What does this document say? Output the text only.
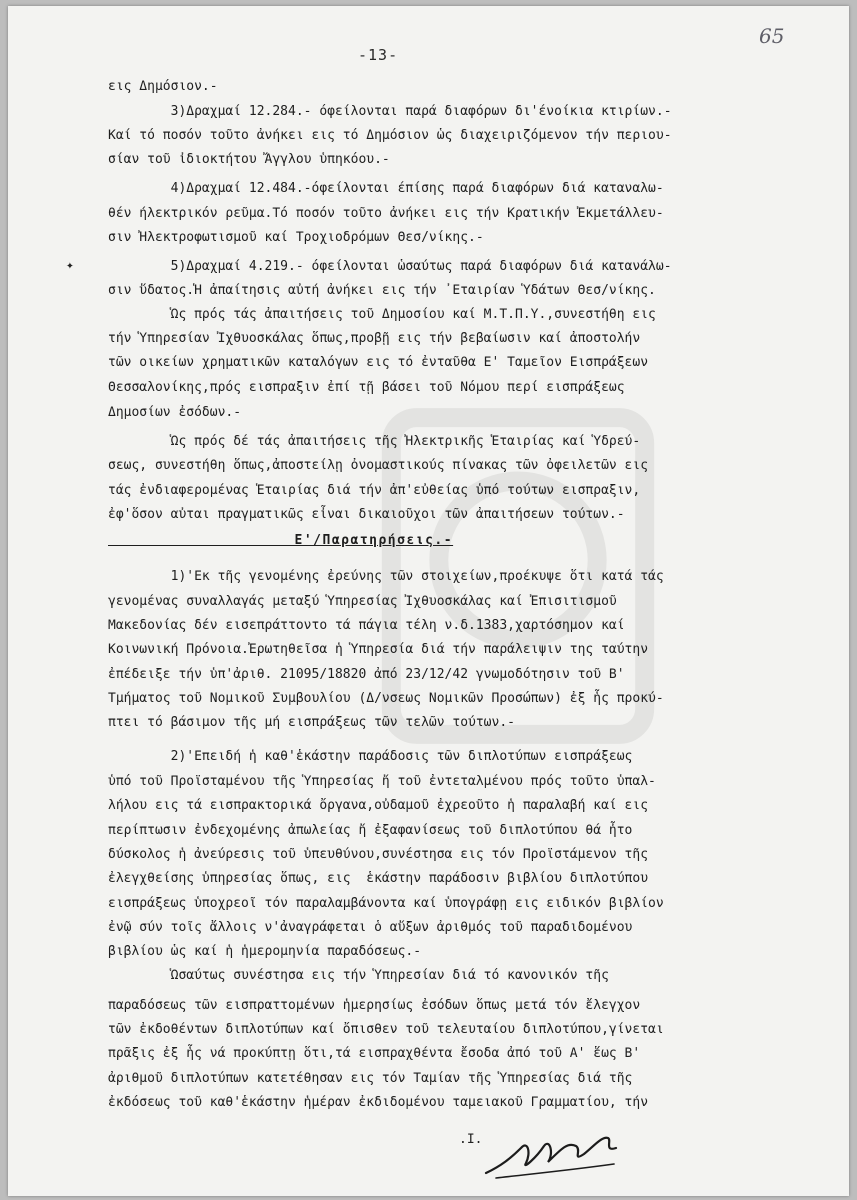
65
-13-
✦
.Ι.
εις Δημόσιον.-
3)Δραχμαί 12.284.- όφείλονται παρά διαφόρων δι'ένοίκια κτιρίων.-
Καί τό ποσόν τοῦτο ἀνήκει εις τό Δημόσιον ὡς διαχειριζόμενον τήν περιου-
σίαν τοῦ ἰδιοκτήτου Ἄγγλου ὑπηκόου.-
4)Δραχμαί 12.484.-όφείλονται έπίσης παρά διαφόρων διά καταναλω-
θέν ήλεκτρικόν ρεῦμα.Τό ποσόν τοῦτο ἀνήκει εις τήν Κρατικήν Ἐκμετάλλευ-
σιν Ἠλεκτροφωτισμοῦ καί Τροχιοδρόμων Θεσ/νίκης.-
5)Δραχμαί 4.219.- όφείλονται ὡσαύτως παρά διαφόρων διά κατανάλω-
σιν ὕδατος.Ἡ ἀπαίτησις αὐτή ἀνήκει εις τήν ᾽Εταιρίαν Ὑδάτων Θεσ/νίκης.
Ὡς πρός τάς ἀπαιτήσεις τοῦ Δημοσίου καί Μ.Τ.Π.Υ.,συνεστήθη εις
τήν Ὑπηρεσίαν Ἰχθυοσκάλας ὅπως,προβῇ εις τήν βεβαίωσιν καί ἀποστολήν
τῶν οικείων χρηματικῶν καταλόγων εις τό ἐνταῦθα Ε' Ταμεῖον Εισπράξεων
Θεσσαλονίκης,πρός εισπραξιν ἐπί τῇ βάσει τοῦ Νόμου περί εισπράξεως
Δημοσίων ἐσόδων.-
Ὡς πρός δέ τάς ἀπαιτήσεις τῆς Ἠλεκτρικῆς Ἑταιρίας καί Ὑδρεύ-
σεως, συνεστήθη ὅπως,ἀποστείλῃ ὀνομαστικούς πίνακας τῶν ὀφειλετῶν εις
τάς ἐνδιαφερομένας Ἑταιρίας διά τήν ἀπ'εὐθείας ὑπό τούτων εισπραξιν,
ἐφ'ὅσον αὐται πραγματικῶς εἶναι δικαιοῦχοι τῶν ἀπαιτήσεων τούτων.-
Ε'/Παρατηρήσεις.-
1)'Εκ τῆς γενομένης ἐρεύνης τῶν στοιχείων,προέκυψε ὅτι κατά τάς
γενομένας συναλλαγάς μεταξύ Ὑπηρεσίας Ἰχθυοσκάλας καί Ἐπισιτισμοῦ
Μακεδονίας δέν εισεπράττοντο τά πάγια τέλη ν.δ.1383,χαρτόσημον καί
Κοινωνική Πρόνοια.Ἐρωτηθεῖσα ἡ Ὑπηρεσία διά τήν παράλειψιν της ταύτην
ἐπέδειξε τήν ὑπ'ἀριθ. 21095/18820 ἀπό 23/12/42 γνωμοδότησιν τοῦ Β'
Τμήματος τοῦ Νομικοῦ Συμβουλίου (Δ/νσεως Νομικῶν Προσώπων) ἐξ ἧς προκύ-
πτει τό βάσιμον τῆς μή εισπράξεως τῶν τελῶν τούτων.-
2)'Επειδή ἡ καθ'ἑκάστην παράδοσις τῶν διπλοτύπων εισπράξεως
ὑπό τοῦ Προϊσταμένου τῆς Ὑπηρεσίας ἤ τοῦ ἐντεταλμένου πρός τοῦτο ὑπαλ-
λήλου εις τά εισπρακτορικά ὄργανα,οὐδαμοῦ ἐχρεοῦτο ἡ παραλαβή καί εις
περίπτωσιν ἐνδεχομένης ἀπωλείας ἤ ἐξαφανίσεως τοῦ διπλοτύπου θά ἦτο
δύσκολος ἡ ἀνεύρεσις τοῦ ὑπευθύνου,συνέστησα εις τόν Προϊστάμενον τῆς
ἐλεγχθείσης ὑπηρεσίας ὅπως, εις  ἑκάστην παράδοσιν βιβλίου διπλοτύπου
εισπράξεως ὑποχρεοῖ τόν παραλαμβάνοντα καί ὑπογράφῃ εις ειδικόν βιβλίον
ἐνῷ σύν τοῖς ἄλλοις ν'ἀναγράφεται ὁ αὔξων ἀριθμός τοῦ παραδιδομένου
βιβλίου ὡς καί ἡ ἡμερομηνία παραδόσεως.-
Ὡσαύτως συνέστησα εις τήν Ὑπηρεσίαν διά τό κανονικόν τῆς
παραδόσεως τῶν εισπραττομένων ἡμερησίως ἐσόδων ὅπως μετά τόν ἔλεγχον
τῶν ἐκδοθέντων διπλοτύπων καί ὄπισθεν τοῦ τελευταίου διπλοτύπου,γίνεται
πρᾶξις ἐξ ἧς νά προκύπτῃ ὅτι,τά εισπραχθέντα ἔσοδα ἀπό τοῦ Α' ἕως Β'
ἀριθμοῦ διπλοτύπων κατετέθησαν εις τόν Ταμίαν τῆς Ὑπηρεσίας διά τῆς
ἐκδόσεως τοῦ καθ'ἑκάστην ἡμέραν ἐκδιδομένου ταμειακοῦ Γραμματίου, τήν
